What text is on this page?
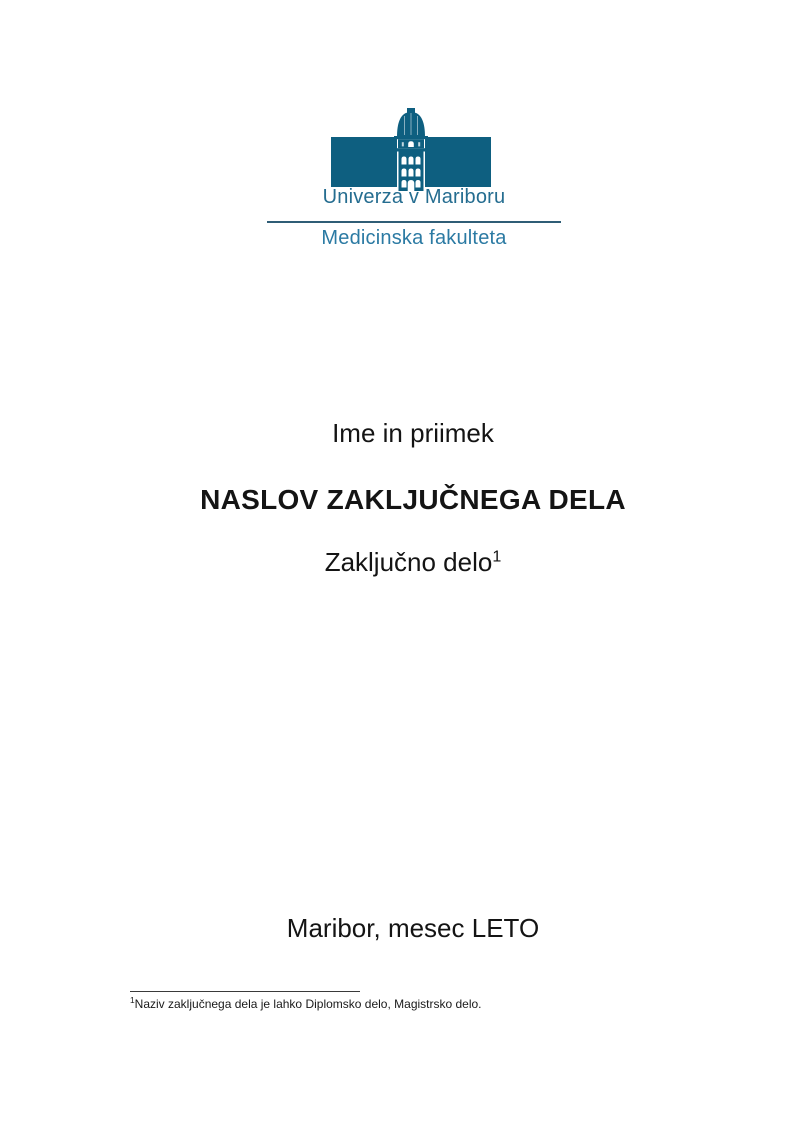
Univerza v Mariboru
Medicinska fakulteta
Ime in priimek
NASLOV ZAKLJUČNEGA DELA
Zaključno delo$^1$
Maribor, mesec LETO
$^1$Naziv zaključnega dela je lahko Diplomsko delo, Magistrsko delo.
